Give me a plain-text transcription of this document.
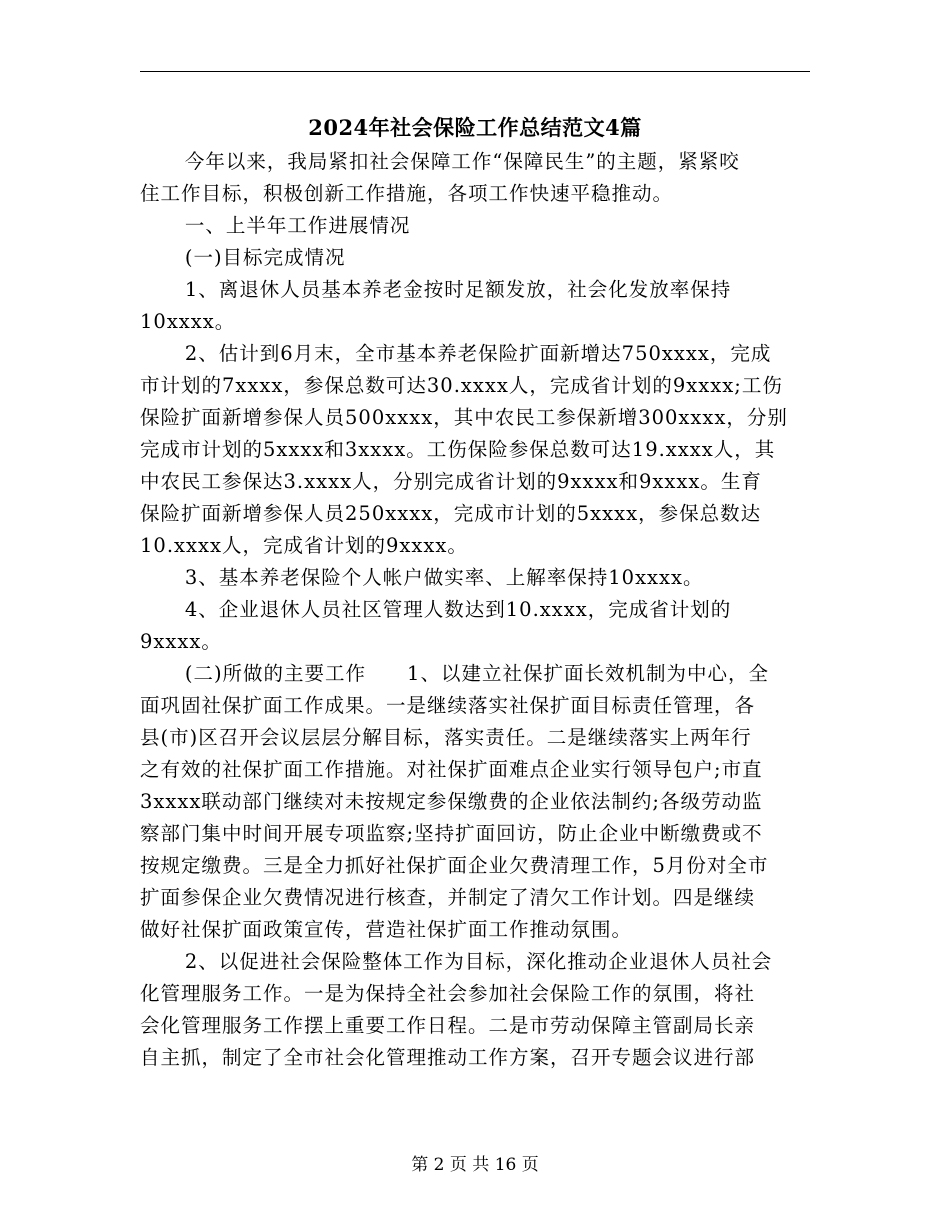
2024年社会保险工作总结范文4篇

今年以来，我局紧扣社会保障工作“保障民生”的主题，紧紧咬
住工作目标，积极创新工作措施，各项工作快速平稳推动。

一、上半年工作进展情况

(一)目标完成情况

1、离退休人员基本养老金按时足额发放，社会化发放率保持
10xxxx。

2、估计到6月末，全市基本养老保险扩面新增达750xxxx，完成
市计划的7xxxx，参保总数可达30.xxxx人，完成省计划的9xxxx;工伤
保险扩面新增参保人员500xxxx，其中农民工参保新增300xxxx，分别
完成市计划的5xxxx和3xxxx。工伤保险参保总数可达19.xxxx人，其
中农民工参保达3.xxxx人，分别完成省计划的9xxxx和9xxxx。生育
保险扩面新增参保人员250xxxx，完成市计划的5xxxx，参保总数达
10.xxxx人，完成省计划的9xxxx。

3、基本养老保险个人帐户做实率、上解率保持10xxxx。

4、企业退休人员社区管理人数达到10.xxxx，完成省计划的
9xxxx。

(二)所做的主要工作　　1、以建立社保扩面长效机制为中心，全
面巩固社保扩面工作成果。一是继续落实社保扩面目标责任管理，各
县(市)区召开会议层层分解目标，落实责任。二是继续落实上两年行
之有效的社保扩面工作措施。对社保扩面难点企业实行领导包户;市直
3xxxx联动部门继续对未按规定参保缴费的企业依法制约;各级劳动监
察部门集中时间开展专项监察;坚持扩面回访，防止企业中断缴费或不
按规定缴费。三是全力抓好社保扩面企业欠费清理工作，5月份对全市
扩面参保企业欠费情况进行核查，并制定了清欠工作计划。四是继续
做好社保扩面政策宣传，营造社保扩面工作推动氛围。

2、以促进社会保险整体工作为目标，深化推动企业退休人员社会
化管理服务工作。一是为保持全社会参加社会保险工作的氛围，将社
会化管理服务工作摆上重要工作日程。二是市劳动保障主管副局长亲
自主抓，制定了全市社会化管理推动工作方案，召开专题会议进行部

第 2 页 共 16 页
